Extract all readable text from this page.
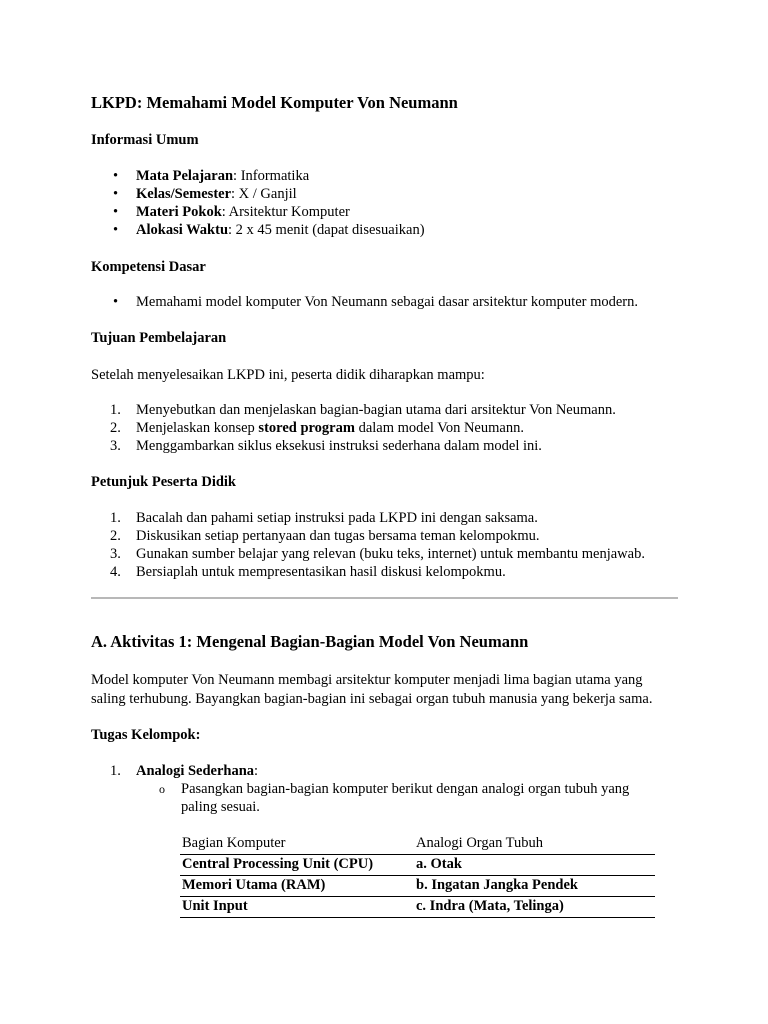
LKPD: Memahami Model Komputer Von Neumann
Informasi Umum
• Mata Pelajaran: Informatika
• Kelas/Semester: X / Ganjil
• Materi Pokok: Arsitektur Komputer
• Alokasi Waktu: 2 x 45 menit (dapat disesuaikan)
Kompetensi Dasar
• Memahami model komputer Von Neumann sebagai dasar arsitektur komputer modern.
Tujuan Pembelajaran
Setelah menyelesaikan LKPD ini, peserta didik diharapkan mampu:
1.	Menyebutkan dan menjelaskan bagian-bagian utama dari arsitektur Von Neumann.
2.	Menjelaskan konsep stored program dalam model Von Neumann.
3.	Menggambarkan siklus eksekusi instruksi sederhana dalam model ini.
Petunjuk Peserta Didik
1.	Bacalah dan pahami setiap instruksi pada LKPD ini dengan saksama.
2.	Diskusikan setiap pertanyaan dan tugas bersama teman kelompokmu.
3.	Gunakan sumber belajar yang relevan (buku teks, internet) untuk membantu menjawab.
4.	Bersiaplah untuk mempresentasikan hasil diskusi kelompokmu.
A. Aktivitas 1: Mengenal Bagian-Bagian Model Von Neumann
Model komputer Von Neumann membagi arsitektur komputer menjadi lima bagian utama yang
saling terhubung. Bayangkan bagian-bagian ini sebagai organ tubuh manusia yang bekerja sama.
Tugas Kelompok:
1.	Analogi Sederhana:
o Pasangkan bagian-bagian komputer berikut dengan analogi organ tubuh yang
paling sesuai.
Bagian Komputer	Analogi Organ Tubuh
Central Processing Unit (CPU)	a. Otak
Memori Utama (RAM)	b. Ingatan Jangka Pendek
Unit Input	c. Indra (Mata, Telinga)
